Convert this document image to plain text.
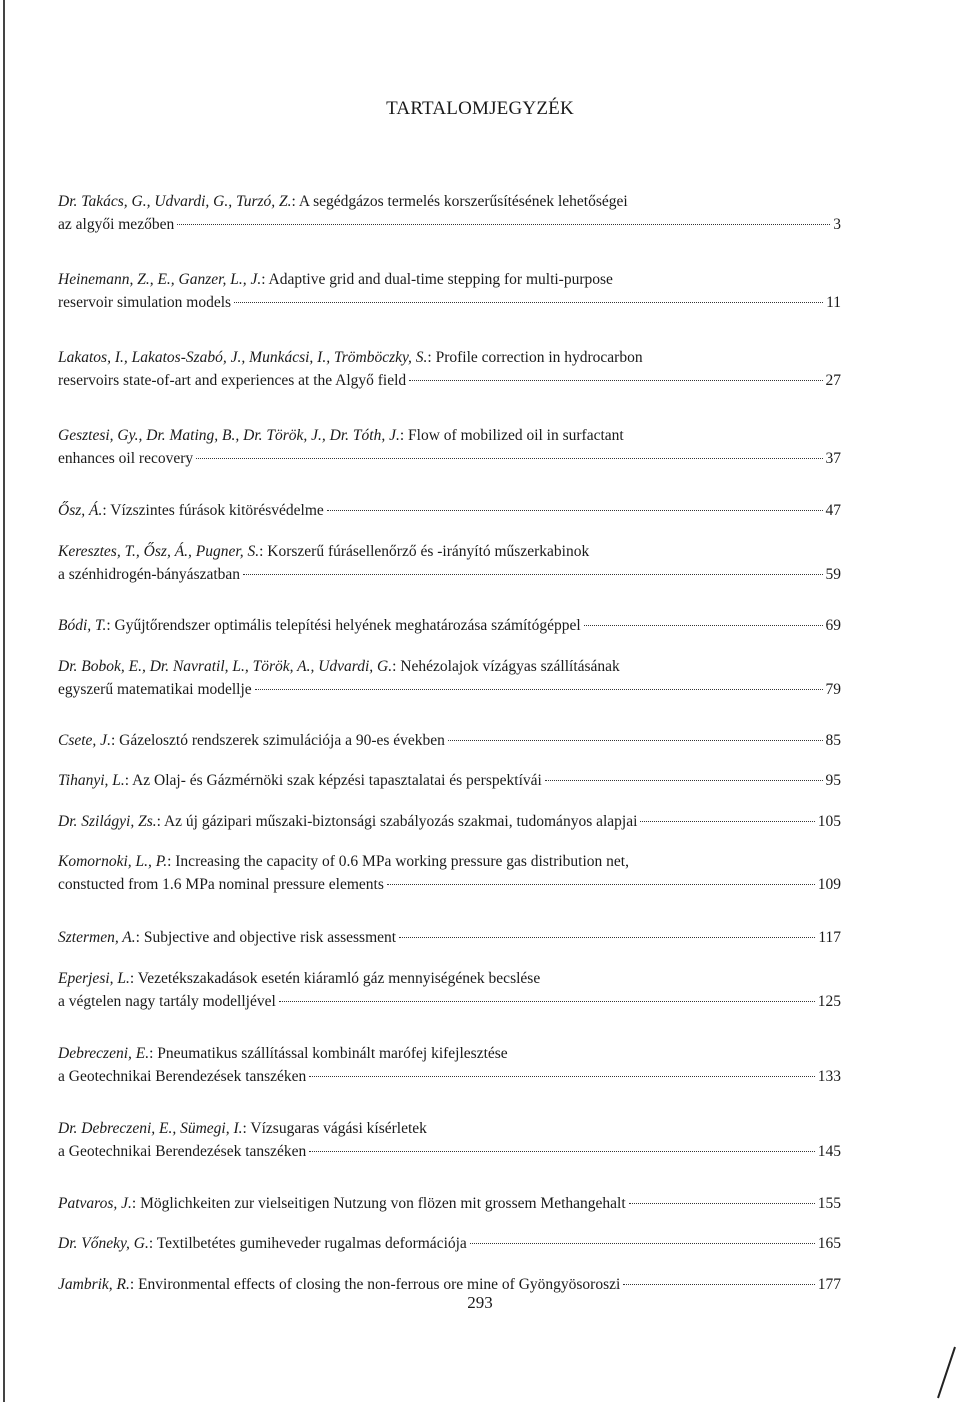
TARTALOMJEGYZÉK
Dr. Takács, G., Udvardi, G., Turzó, Z. : A segédgázos termelés korszerűsítésének lehetőségei
az algyői mezőben	3
Heinemann, Z., E., Ganzer, L., J. : Adaptive grid and dual-time stepping for multi-purpose
reservoir simulation models	11
Lakatos, I., Lakatos-Szabó, J., Munkácsi, I., Trömböczky, S. : Profile correction in hydrocarbon
reservoirs state-of-art and experiences at the Algyő field	27
Gesztesi, Gy., Dr. Mating, B., Dr. Török, J., Dr. Tóth, J. : Flow of mobilized oil in surfactant
enhances oil recovery	37
Ősz, Á. : Vízszintes fúrások kitörésvédelme	47
Keresztes, T., Ősz, Á., Pugner, S. : Korszerű fúrásellenőrző és -irányító műszerkabinok
a szénhidrogén-bányászatban	59
Bódi, T. : Gyűjtőrendszer optimális telepítési helyének meghatározása számítógéppel	69
Dr. Bobok, E., Dr. Navratil, L., Török, A., Udvardi, G. : Nehézolajok vízágyas szállításának
egyszerű matematikai modellje	79
Csete, J. : Gázelosztó rendszerek szimulációja a 90-es években	85
Tihanyi, L. : Az Olaj- és Gázmérnöki szak képzési tapasztalatai és perspektívái	95
Dr. Szilágyi, Zs. : Az új gázipari műszaki-biztonsági szabályozás szakmai, tudományos alapjai	105
Komornoki, L., P. : Increasing the capacity of 0.6 MPa working pressure gas distribution net,
constucted from 1.6 MPa nominal pressure elements	109
Sztermen, A. : Subjective and objective risk assessment	117
Eperjesi, L. : Vezetékszakadások esetén kiáramló gáz mennyiségének becslése
a végtelen nagy tartály modelljével	125
Debreczeni, E. : Pneumatikus szállítással kombinált marófej kifejlesztése
a Geotechnikai Berendezések tanszéken	133
Dr. Debreczeni, E., Sümegi, I. : Vízsugaras vágási kísérletek
a Geotechnikai Berendezések tanszéken	145
Patvaros, J. : Möglichkeiten zur vielseitigen Nutzung von flözen mit grossem Methangehalt	155
Dr. Vőneky, G. : Textilbetétes gumiheveder rugalmas deformációja	165
Jambrik, R. : Environmental effects of closing the non-ferrous ore mine of Gyöngyösoroszi	177
293
